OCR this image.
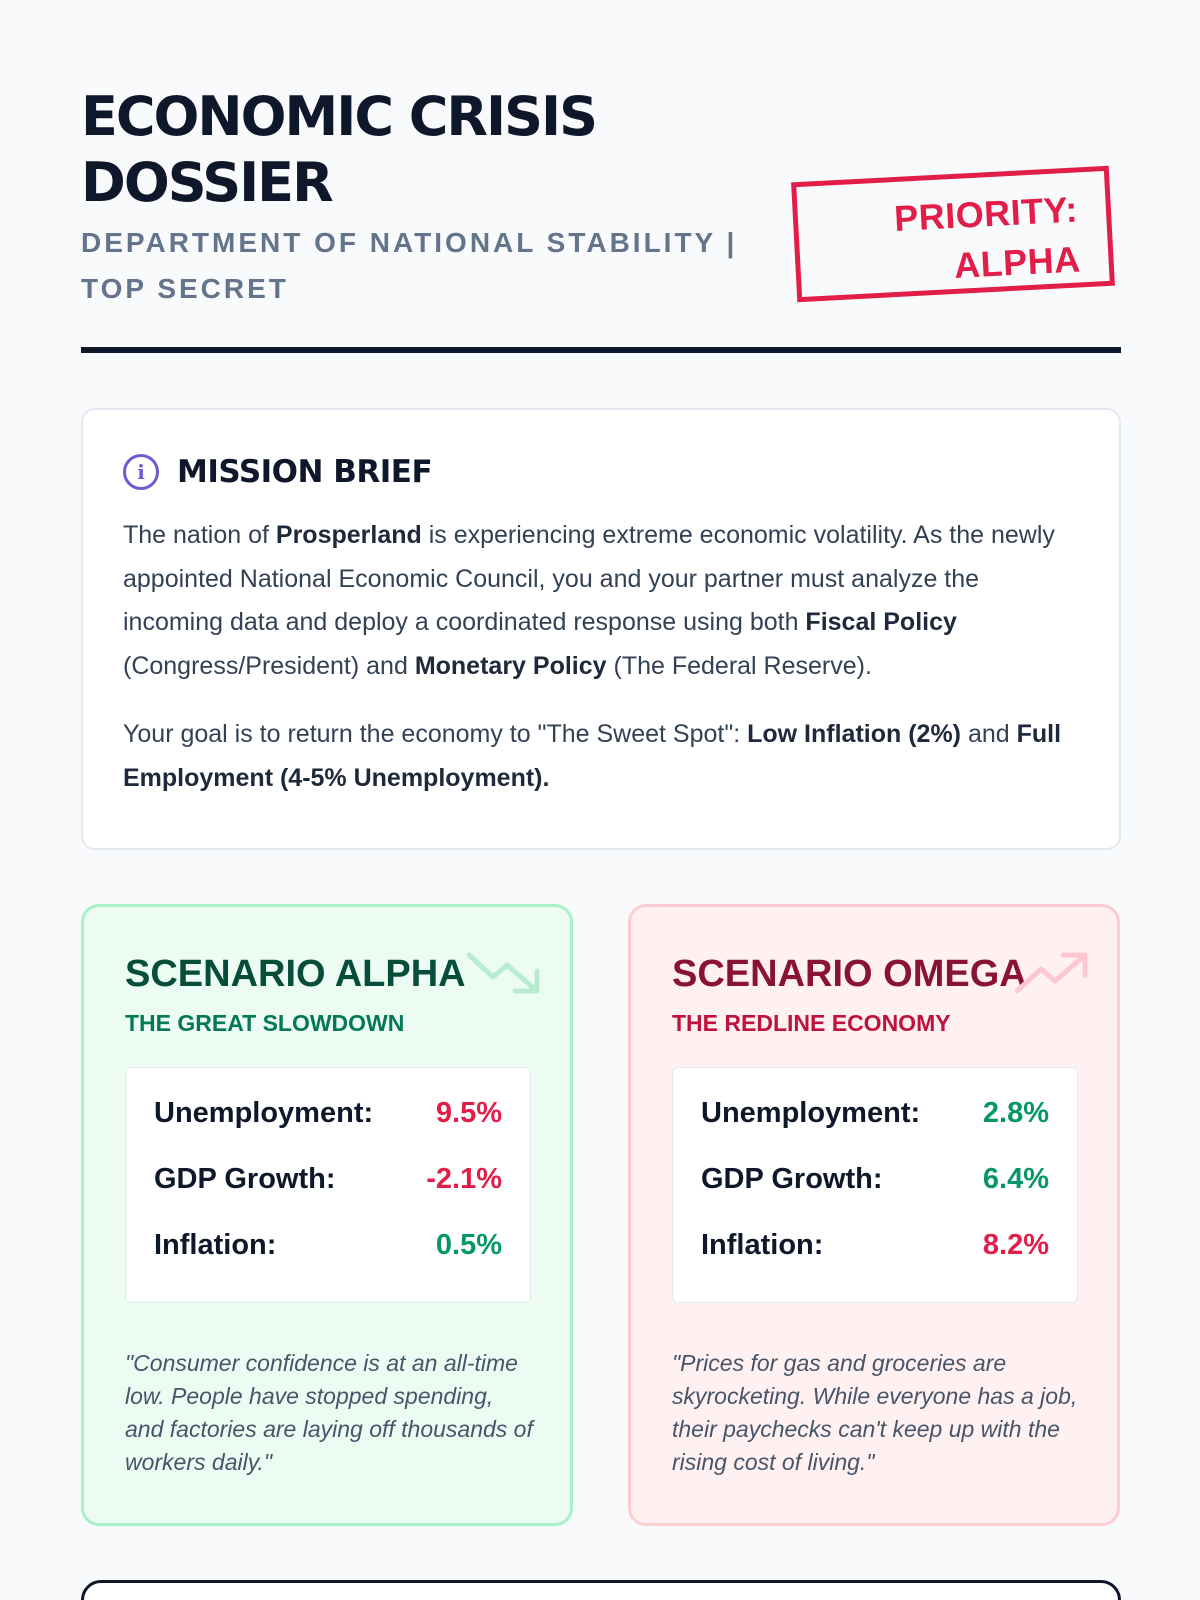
ECONOMIC CRISIS DOSSIER
DEPARTMENT OF NATIONAL STABILITY | TOP SECRET
PRIORITY: ALPHA
i	MISSION BRIEF

The nation of Prosperland is experiencing extreme economic volatility. As the newly appointed National Economic Council, you and your partner must analyze the incoming data and deploy a coordinated response using both Fiscal Policy (Congress/President) and Monetary Policy (The Federal Reserve).

Your goal is to return the economy to "The Sweet Spot": Low Inflation (2%) and Full Employment (4-5% Unemployment).

SCENARIO ALPHA
THE GREAT SLOWDOWN
Unemployment: 9.5%
GDP Growth:	-2.1%
Inflation:	0.5%

"Consumer confidence is at an all-time low. People have stopped spending, and factories are laying off thousands of workers daily."

SCENARIO OMEGA
THE REDLINE ECONOMY
Unemployment: 2.8%
GDP Growth:	6.4%
Inflation:	8.2%

"Prices for gas and groceries are skyrocketing. While everyone has a job, their paychecks can't keep up with the rising cost of living."
